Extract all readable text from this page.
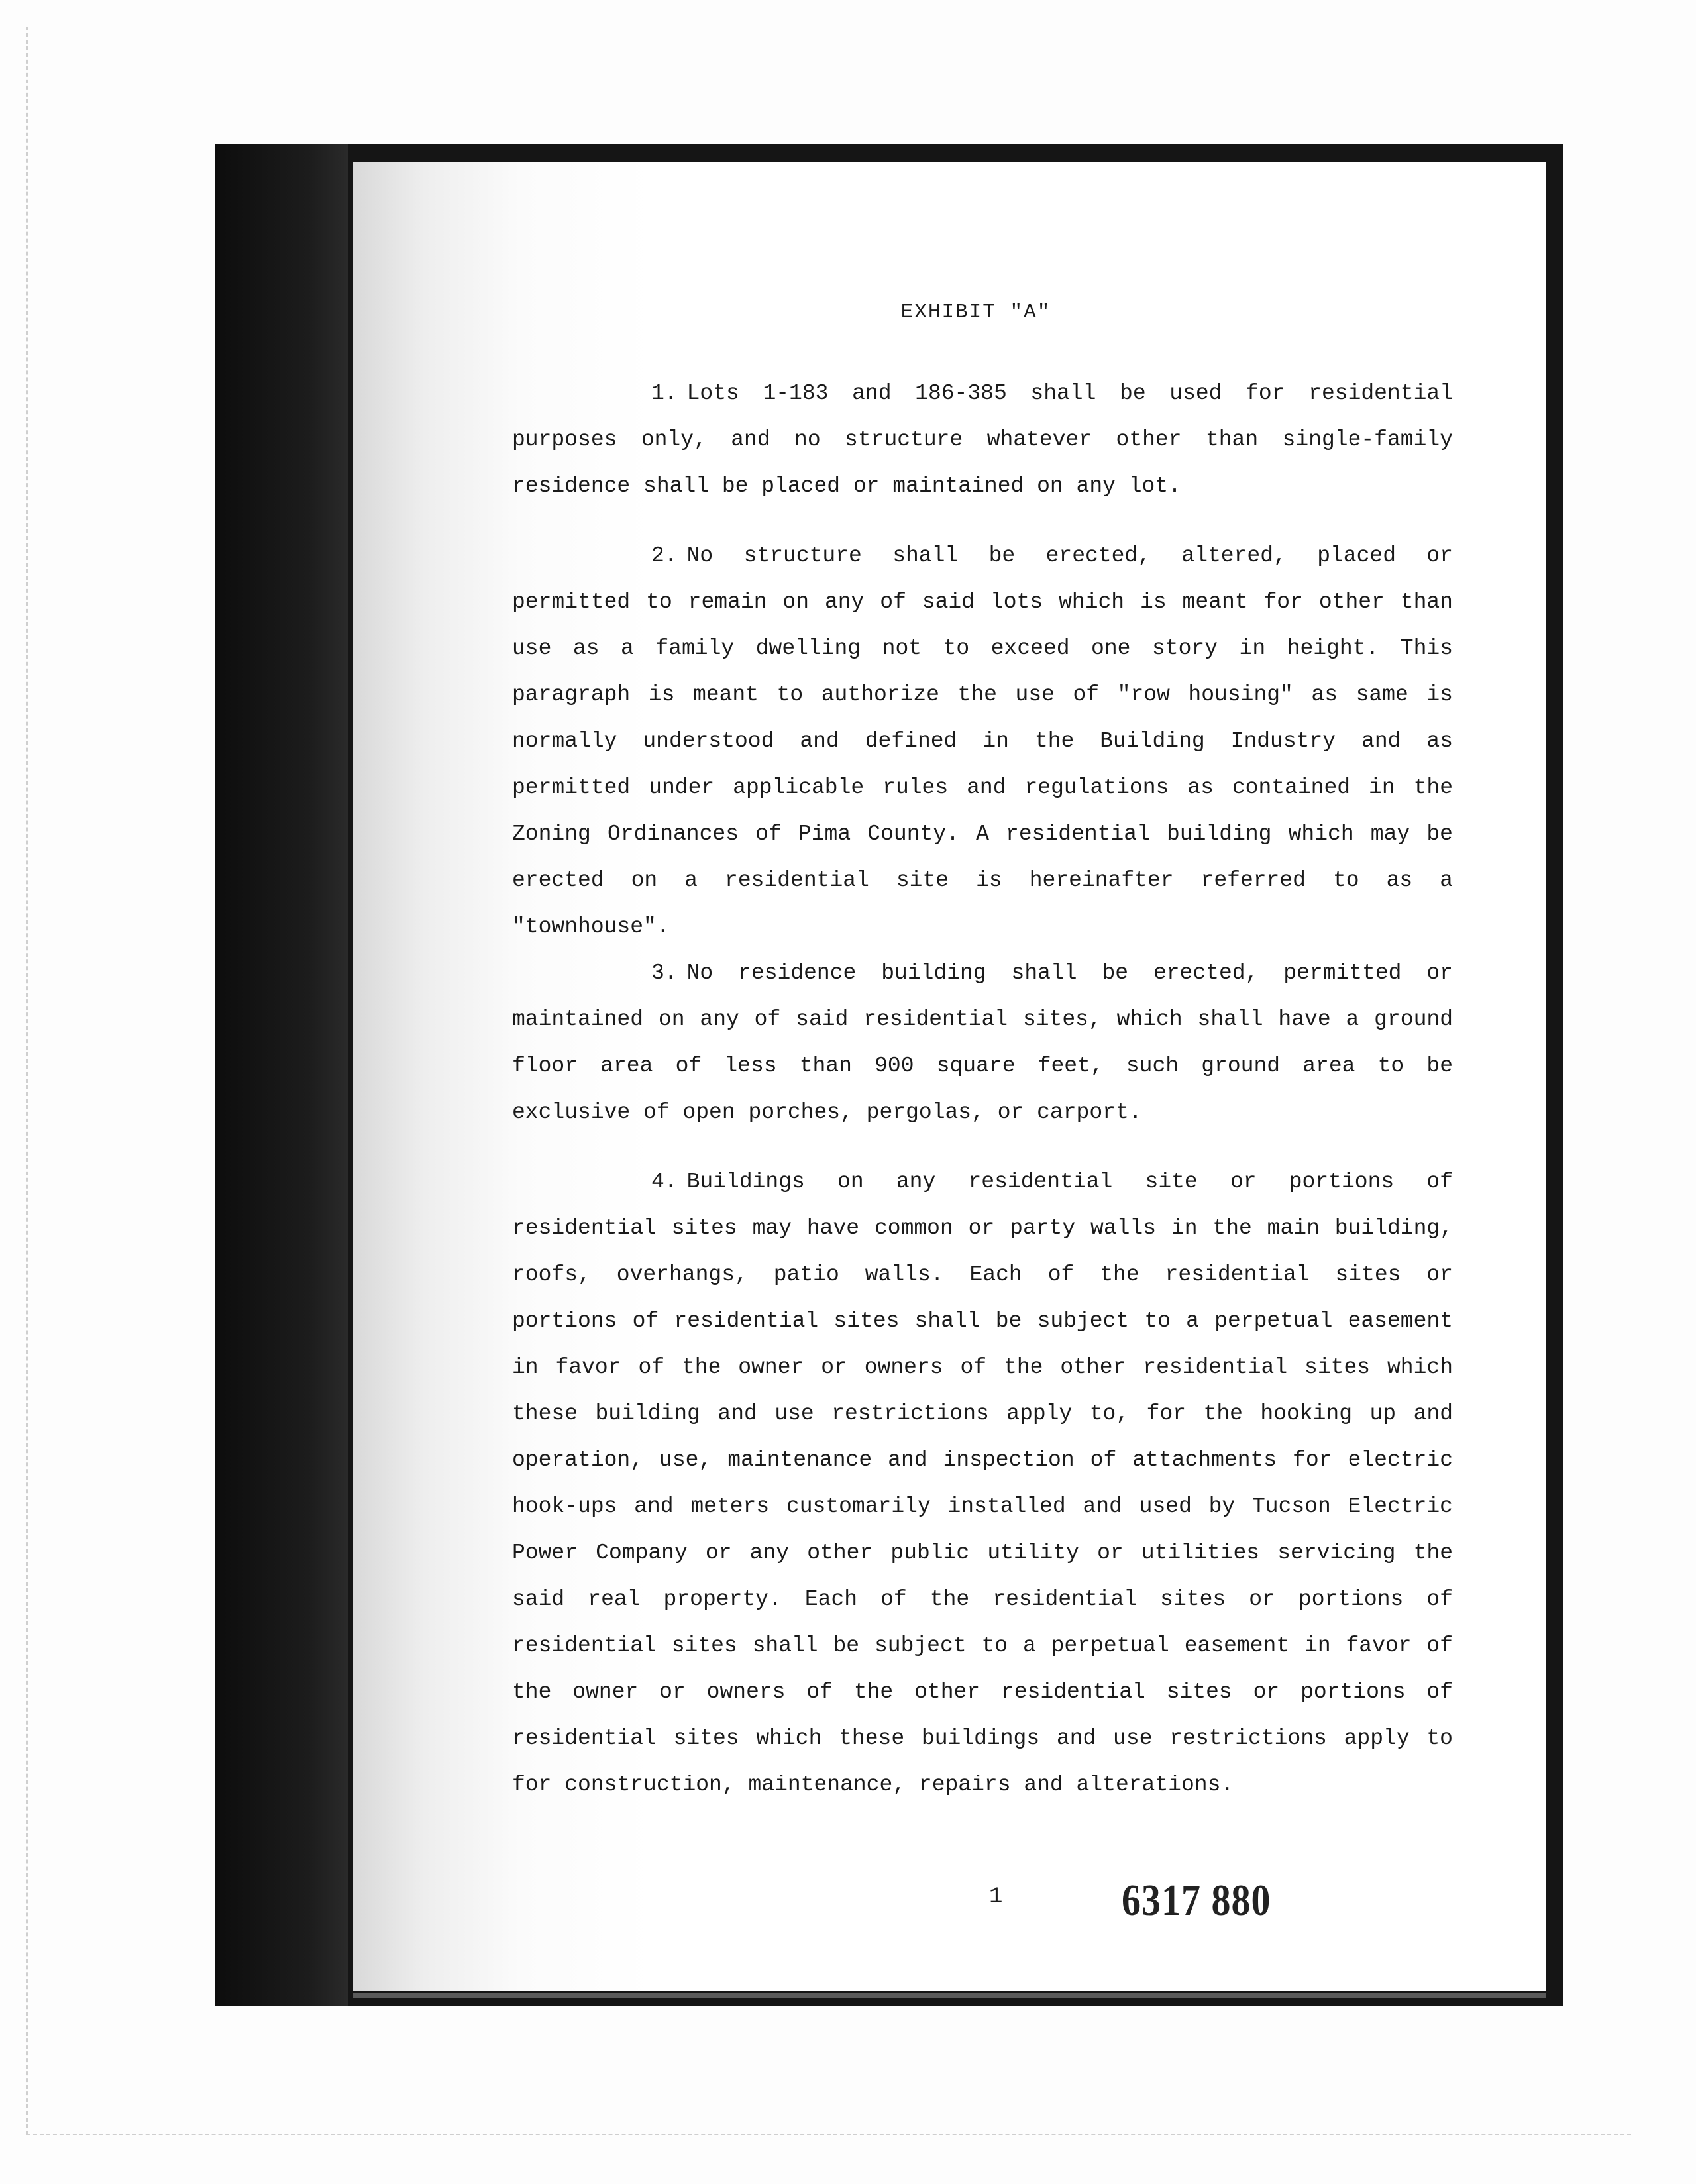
EXHIBIT "A"

1. Lots 1-183 and 186-385 shall be used for residential purposes only, and no structure whatever other than single-family residence shall be placed or maintained on any lot.

2. No structure shall be erected, altered, placed or permitted to remain on any of said lots which is meant for other than use as a family dwelling not to exceed one story in height. This paragraph is meant to authorize the use of "row housing" as same is normally understood and defined in the Building Industry and as permitted under applicable rules and regulations as contained in the Zoning Ordinances of Pima County. A residential building which may be erected on a residential site is hereinafter referred to as a "townhouse".

3. No residence building shall be erected, permitted or maintained on any of said residential sites, which shall have a ground floor area of less than 900 square feet, such ground area to be exclusive of open porches, pergolas, or carport.

4. Buildings on any residential site or portions of residential sites may have common or party walls in the main building, roofs, overhangs, patio walls. Each of the residential sites or portions of residential sites shall be subject to a perpetual easement in favor of the owner or owners of the other residential sites which these building and use restrictions apply to, for the hooking up and operation, use, maintenance and inspection of attachments for electric hook-ups and meters customarily installed and used by Tucson Electric Power Company or any other public utility or utilities servicing the said real property. Each of the residential sites or portions of residential sites shall be subject to a perpetual easement in favor of the owner or owners of the other residential sites or portions of residential sites which these buildings and use restrictions apply to for construction, maintenance, repairs and alterations.

1	6317 880
